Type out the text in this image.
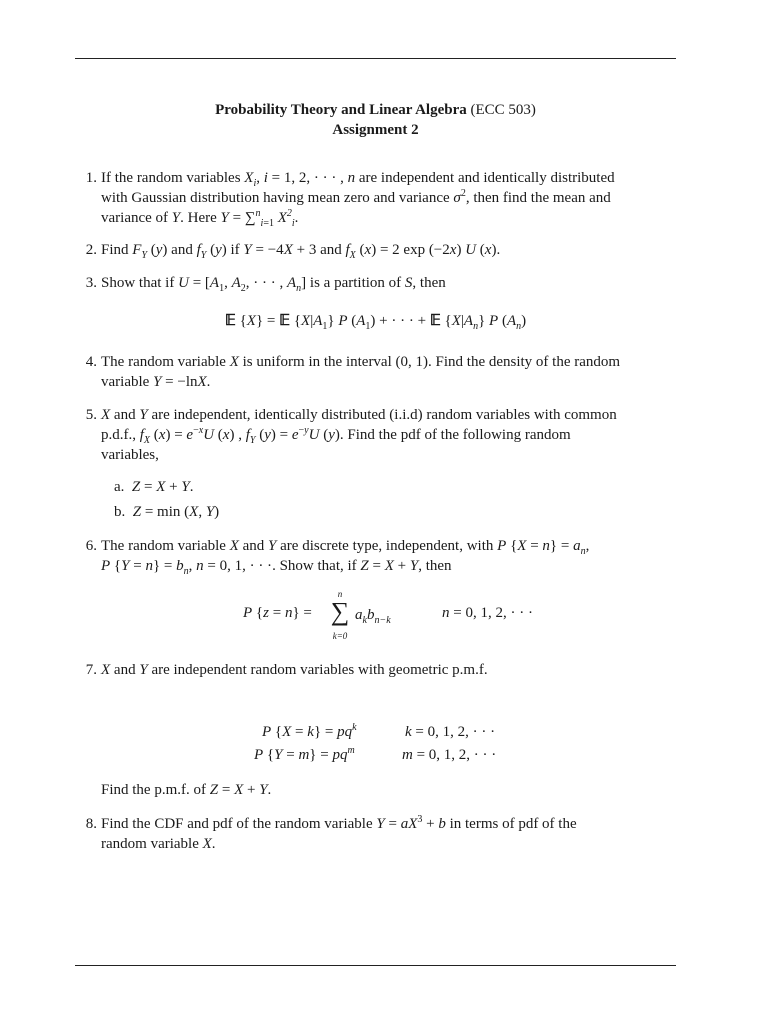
Probability Theory and Linear Algebra (ECC 503)
Assignment 2
1. If the random variables $X_i$, i = 1, 2, · · · , n are independent and identically distributed
with Gaussian distribution having mean zero and variance $\sigma^2$, then find the mean and
variance of Y. Here Y = ∑$^n_{i=1}$ $X^2_i$.
2. Find $F_Y$ (y) and $f_Y$ (y) if Y = −4X + 3 and $f_X$ (x) = 2 exp (−2x) U (x).
3. Show that if $U = [A_1$, $A_2$, · · · , $A_n$] is a partition of S, then
𝔼 {X} = 𝔼 $\{X|A_1\}$ P $(A_1)$ + · · · + 𝔼 $\{X|A_n\}$ P $(A_n)$
4. The random variable X is uniform in the interval (0, 1). Find the density of the random
variable Y = −lnX.
5. X and Y are independent, identically distributed (i.i.d) random variables with common
p.d.f., $f_X$ $(x) = e^{-x}U$ (x) , $f_Y$ $(y) = e^{-y}U$ (y). Find the pdf of the following random
variables,
a. Z = X + Y.
b. Z = min (X, Y)
6. The random variable X and Y are discrete type, independent, with P $\{X = n\} = a_n$,
P $\{Y = n\} = b_n$, n = 0, 1, · · ·. Show that, if Z = X + Y, then
P {z = n} =
n
∑
k=0
$a_kb_{n-k}$	n = 0, 1, 2, · · ·
7. X and Y are independent random variables with geometric p.m.f.
P $\{X = k\} = pq^k$	k = 0, 1, 2, · · ·
P $\{Y = m\} = pq^m$	m = 0, 1, 2, · · ·
Find the p.m.f. of Z = X + Y.
8. Find the CDF and pdf of the random variable $Y = aX^3 + b$ in terms of pdf of the
random variable X.
